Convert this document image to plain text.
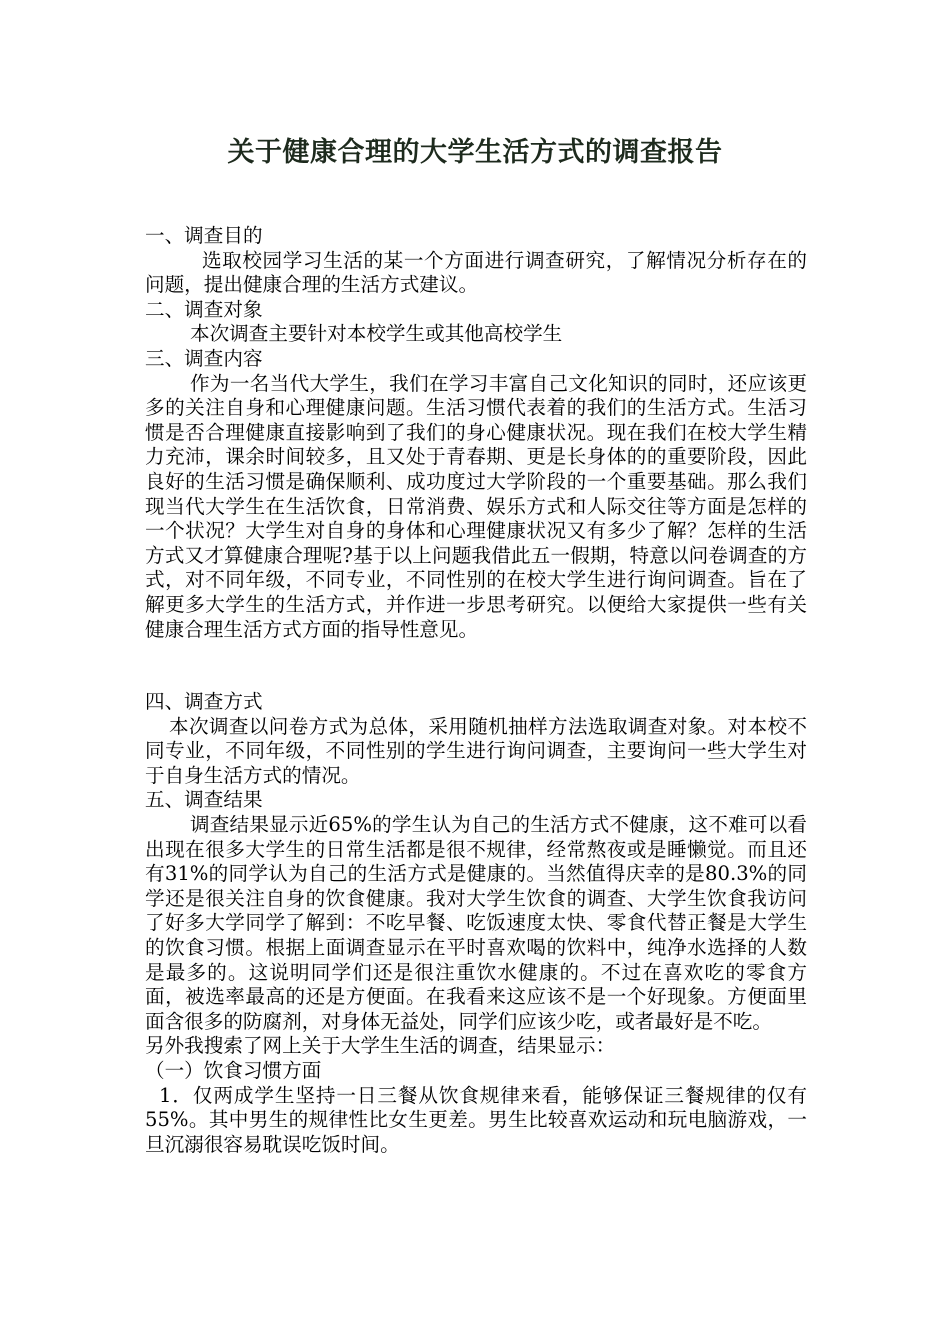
关于健康合理的大学生活方式的调查报告
一、调查目的
选取校园学习生活的某一个方面进行调查研究，了解情况分析存在的问题，提出健康合理的生活方式建议。
二、调查对象
本次调查主要针对本校学生或其他高校学生
三、调查内容
作为一名当代大学生，我们在学习丰富自己文化知识的同时，还应该更多的关注自身和心理健康问题。生活习惯代表着的我们的生活方式。生活习惯是否合理健康直接影响到了我们的身心健康状况。现在我们在校大学生精力充沛，课余时间较多，且又处于青春期、更是长身体的的重要阶段，因此良好的生活习惯是确保顺利、成功度过大学阶段的一个重要基础。那么我们现当代大学生在生活饮食，日常消费、娱乐方式和人际交往等方面是怎样的一个状况？大学生对自身的身体和心理健康状况又有多少了解？怎样的生活方式又才算健康合理呢?基于以上问题我借此五一假期，特意以问卷调查的方式，对不同年级，不同专业，不同性别的在校大学生进行询问调查。旨在了解更多大学生的生活方式，并作进一步思考研究。以便给大家提供一些有关健康合理生活方式方面的指导性意见。
四、调查方式
本次调查以问卷方式为总体，采用随机抽样方法选取调查对象。对本校不同专业，不同年级，不同性别的学生进行询问调查，主要询问一些大学生对于自身生活方式的情况。
五、调查结果
调查结果显示近65%的学生认为自己的生活方式不健康，这不难可以看出现在很多大学生的日常生活都是很不规律，经常熬夜或是睡懒觉。而且还有31%的同学认为自己的生活方式是健康的。当然值得庆幸的是80.3%的同学还是很关注自身的饮食健康。我对大学生饮食的调查、大学生饮食我访问了好多大学同学了解到：不吃早餐、吃饭速度太快、零食代替正餐是大学生的饮食习惯。根据上面调查显示在平时喜欢喝的饮料中，纯净水选择的人数是最多的。这说明同学们还是很注重饮水健康的。不过在喜欢吃的零食方面，被选率最高的还是方便面。在我看来这应该不是一个好现象。方便面里面含很多的防腐剂，对身体无益处，同学们应该少吃，或者最好是不吃。
另外我搜索了网上关于大学生生活的调查，结果显示：
（一）饮食习惯方面
1．仅两成学生坚持一日三餐从饮食规律来看，能够保证三餐规律的仅有55%。其中男生的规律性比女生更差。男生比较喜欢运动和玩电脑游戏，一旦沉溺很容易耽误吃饭时间。
